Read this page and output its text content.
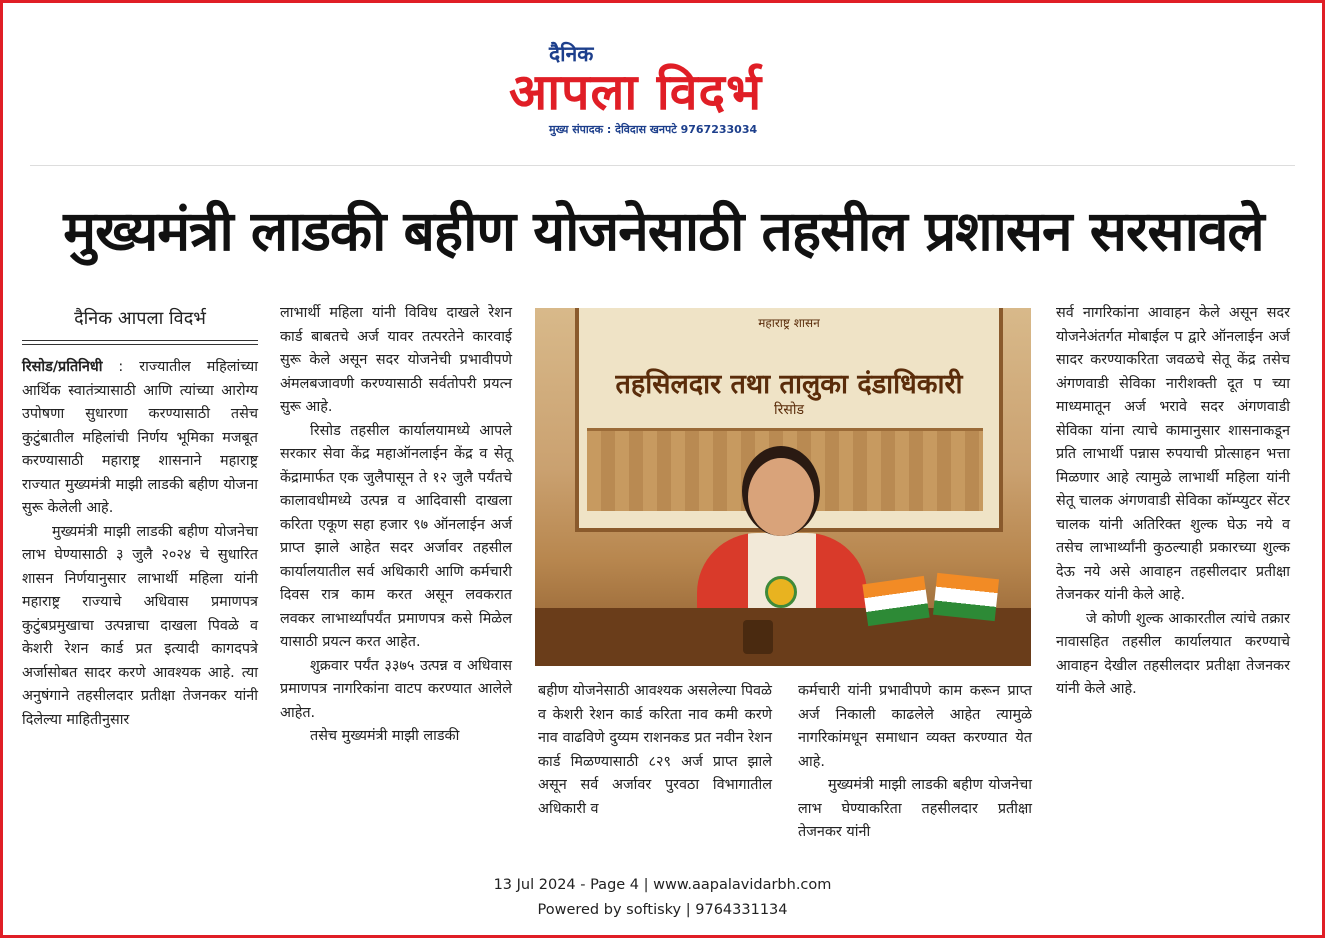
दैनिक
आपला विदर्भ
मुख्य संपादक : देविदास खनपटे 9767233034
मुख्यमंत्री लाडकी बहीण योजनेसाठी तहसील प्रशासन सरसावले
दैनिक आपला विदर्भ

रिसोड/प्रतिनिधी : राज्यातील महिलांच्या आर्थिक स्वातंत्र्यासाठी आणि त्यांच्या आरोग्य उपोषणा सुधारणा करण्यासाठी तसेच कुटुंबातील महिलांची निर्णय भूमिका मजबूत करण्यासाठी महाराष्ट्र शासनाने महाराष्ट्र राज्यात मुख्यमंत्री माझी लाडकी बहीण योजना सुरू केलेली आहे.

मुख्यमंत्री माझी लाडकी बहीण योजनेचा लाभ घेण्यासाठी ३ जुलै २०२४ चे सुधारित शासन निर्णयानुसार लाभार्थी महिला यांनी महाराष्ट्र राज्याचे अधिवास प्रमाणपत्र कुटुंबप्रमुखाचा उत्पन्नाचा दाखला पिवळे व केशरी रेशन कार्ड प्रत इत्यादी कागदपत्रे अर्जासोबत सादर करणे आवश्यक आहे. त्या अनुषंगाने तहसीलदार प्रतीक्षा तेजनकर यांनी दिलेल्या माहितीनुसार

लाभार्थी महिला यांनी विविध दाखले रेशन कार्ड बाबतचे अर्ज यावर तत्परतेने कारवाई सुरू केले असून सदर योजनेची प्रभावीपणे अंमलबजावणी करण्यासाठी सर्वतोपरी प्रयत्न सुरू आहे.

रिसोड तहसील कार्यालयामध्ये आपले सरकार सेवा केंद्र महाऑनलाईन केंद्र व सेतू केंद्रामार्फत एक जुलैपासून ते १२ जुलै पर्यंतचे कालावधीमध्ये उत्पन्न व आदिवासी दाखला करिता एकूण सहा हजार ९७ ऑनलाईन अर्ज प्राप्त झाले आहेत सदर अर्जावर तहसील कार्यालयातील सर्व अधिकारी आणि कर्मचारी दिवस रात्र काम करत असून लवकरात लवकर लाभार्थ्यांपर्यंत प्रमाणपत्र कसे मिळेल यासाठी प्रयत्न करत आहेत.

शुक्रवार पर्यंत ३३७५ उत्पन्न व अधिवास प्रमाणपत्र नागरिकांना वाटप करण्यात आलेले आहेत.

तसेच मुख्यमंत्री माझी लाडकी

महाराष्ट्र शासन
तहसिलदार तथा तालुका दंडाधिकारी
रिसोड

बहीण योजनेसाठी आवश्यक असलेल्या पिवळे व केशरी रेशन कार्ड करिता नाव कमी करणे नाव वाढविणे दुय्यम राशनकड प्रत नवीन रेशन कार्ड मिळण्यासाठी ८२९ अर्ज प्राप्त झाले असून सर्व अर्जावर पुरवठा विभागातील अधिकारी व

कर्मचारी यांनी प्रभावीपणे काम करून प्राप्त अर्ज निकाली काढलेले आहेत त्यामुळे नागरिकांमधून समाधान व्यक्त करण्यात येत आहे.

मुख्यमंत्री माझी लाडकी बहीण योजनेचा लाभ घेण्याकरिता तहसीलदार प्रतीक्षा तेजनकर यांनी

सर्व नागरिकांना आवाहन केले असून सदर योजनेअंतर्गत मोबाईल प द्वारे ऑनलाईन अर्ज सादर करण्याकरिता जवळचे सेतू केंद्र तसेच अंगणवाडी सेविका नारीशक्ती दूत प च्या माध्यमातून अर्ज भरावे सदर अंगणवाडी सेविका यांना त्याचे कामानुसार शासनाकडून प्रति लाभार्थी पन्नास रुपयाची प्रोत्साहन भत्ता मिळणार आहे त्यामुळे लाभार्थी महिला यांनी सेतू चालक अंगणवाडी सेविका कॉम्प्युटर सेंटर चालक यांनी अतिरिक्त शुल्क घेऊ नये व तसेच लाभार्थ्यांनी कुठल्याही प्रकारच्या शुल्क देऊ नये असे आवाहन तहसीलदार प्रतीक्षा तेजनकर यांनी केले आहे.

जे कोणी शुल्क आकारतील त्यांचे तक्रार नावासहित तहसील कार्यालयात करण्याचे आवाहन देखील तहसीलदार प्रतीक्षा तेजनकर यांनी केले आहे.

13 Jul 2024 - Page 4 | www.aapalavidarbh.com
Powered by softisky | 9764331134
